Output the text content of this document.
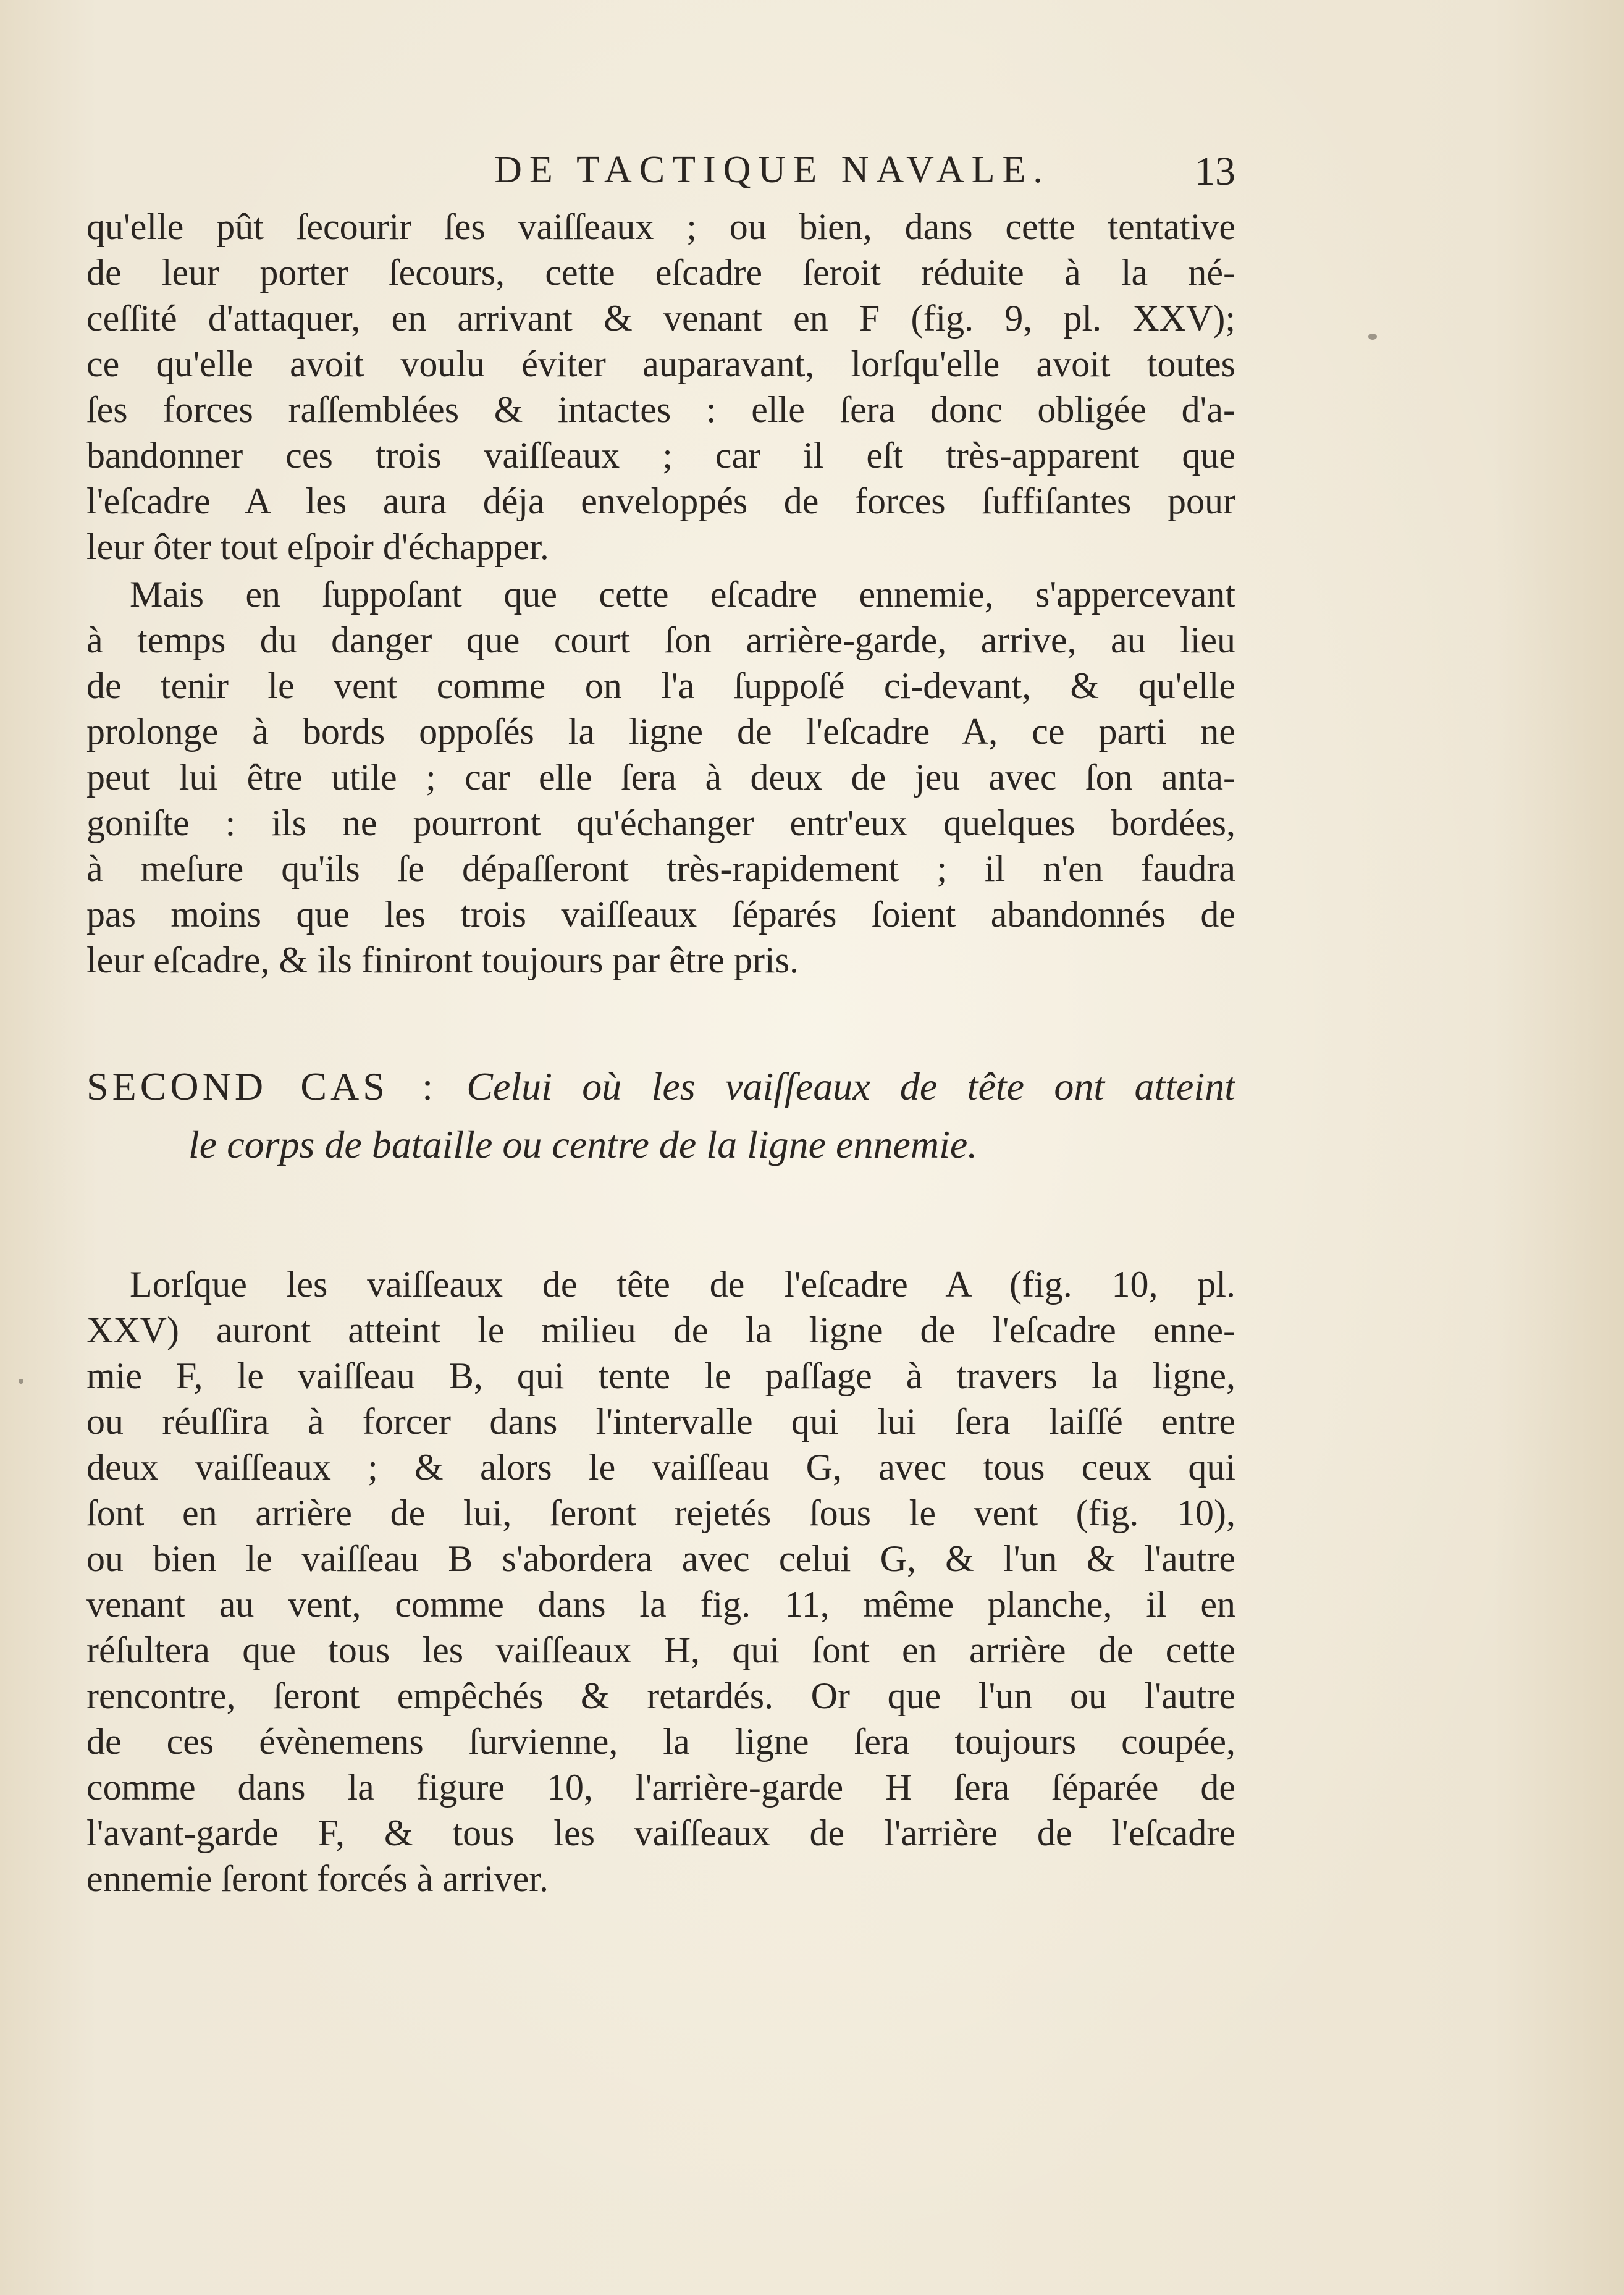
DE TACTIQUE NAVALE.	13
qu'elle pût ſecourir ſes vaiſſeaux ; ou bien, dans cette tentative
de leur porter ſecours, cette eſcadre ſeroit réduite à la né-
ceſſité d'attaquer, en arrivant & venant en F (fig. 9, pl. XXV);
ce qu'elle avoit voulu éviter auparavant, lorſqu'elle avoit toutes
ſes forces raſſemblées & intactes : elle ſera donc obligée d'a-
bandonner ces trois vaiſſeaux ; car il eſt très-apparent que
l'eſcadre A les aura déja enveloppés de forces ſuffiſantes pour
leur ôter tout eſpoir d'échapper.
Mais en ſuppoſant que cette eſcadre ennemie, s'appercevant
à temps du danger que court ſon arrière-garde, arrive, au lieu
de tenir le vent comme on l'a ſuppoſé ci-devant, & qu'elle
prolonge à bords oppoſés la ligne de l'eſcadre A, ce parti ne
peut lui être utile ; car elle ſera à deux de jeu avec ſon anta-
goniſte : ils ne pourront qu'échanger entr'eux quelques bordées,
à meſure qu'ils ſe dépaſſeront très-rapidement ; il n'en faudra
pas moins que les trois vaiſſeaux ſéparés ſoient abandonnés de
leur eſcadre, & ils finiront toujours par être pris.
SECOND CAS : Celui où les vaiſſeaux de tête ont atteint
le corps de bataille ou centre de la ligne ennemie.
Lorſque les vaiſſeaux de tête de l'eſcadre A (fig. 10, pl.
XXV) auront atteint le milieu de la ligne de l'eſcadre enne-
mie F, le vaiſſeau B, qui tente le paſſage à travers la ligne,
ou réuſſira à forcer dans l'intervalle qui lui ſera laiſſé entre
deux vaiſſeaux ; & alors le vaiſſeau G, avec tous ceux qui
ſont en arrière de lui, ſeront rejetés ſous le vent (fig. 10),
ou bien le vaiſſeau B s'abordera avec celui G, & l'un & l'autre
venant au vent, comme dans la fig. 11, même planche, il en
réſultera que tous les vaiſſeaux H, qui ſont en arrière de cette
rencontre, ſeront empêchés & retardés. Or que l'un ou l'autre
de ces évènemens ſurvienne, la ligne ſera toujours coupée,
comme dans la figure 10, l'arrière-garde H ſera ſéparée de
l'avant-garde F, & tous les vaiſſeaux de l'arrière de l'eſcadre
ennemie ſeront forcés à arriver.
